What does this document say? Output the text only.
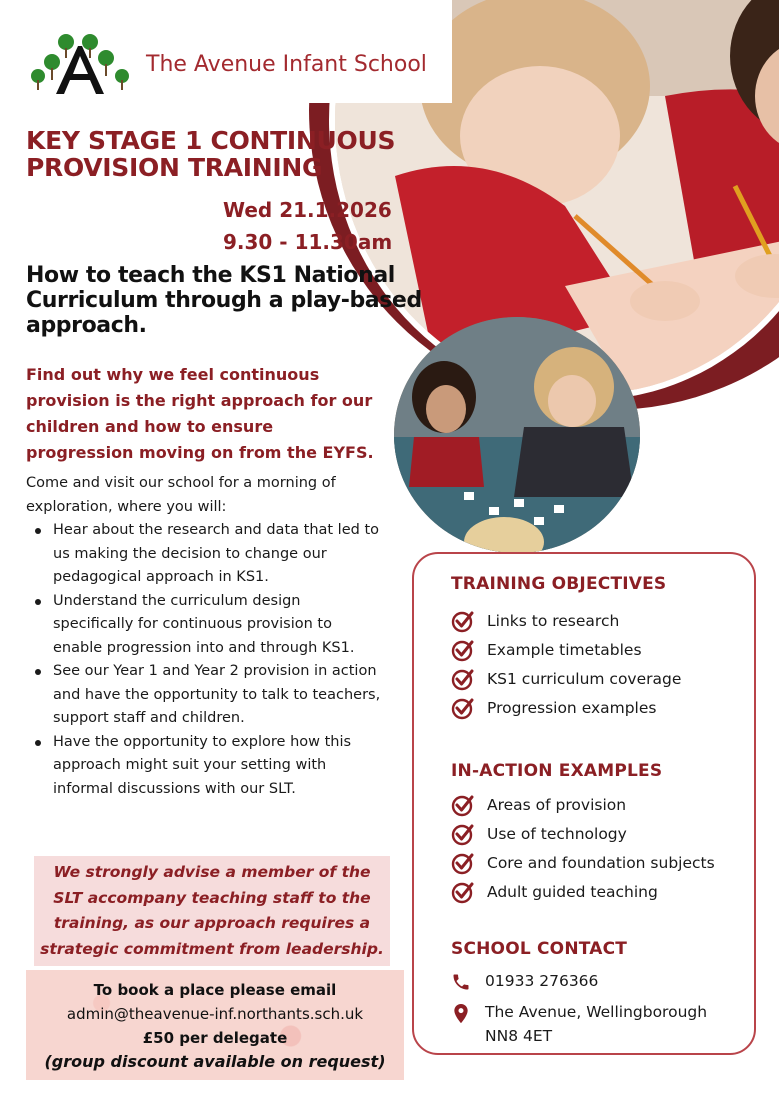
The Avenue Infant School
KEY STAGE 1 CONTINUOUS PROVISION TRAINING
Wed 21.1.2026
9.30 - 11.30am
How to teach the KS1 National Curriculum through a play-based approach.
Find out why we feel continuous provision is the right approach for our children and how to ensure progression moving on from the EYFS.

Come and visit our school for a morning of exploration, where you will:

Hear about the research and data that led to us making the decision to change our pedagogical approach in KS1.
Understand the curriculum design specifically for continuous provision to enable progression into and through KS1.
See our Year 1 and Year 2 provision in action and have the opportunity to talk to teachers, support staff and children.
Have the opportunity to explore how this approach might suit your setting with informal discussions with our SLT.

We strongly advise a member of the SLT accompany teaching staff to the training, as our approach requires a strategic commitment from leadership.

To book a place please email
admin@theavenue-inf.northants.sch.uk
£50 per delegate
(group discount available on request)
TRAINING OBJECTIVES
Links to research
Example timetables
KS1 curriculum coverage
Progression examples
IN-ACTION EXAMPLES
Areas of provision
Use of technology
Core and foundation subjects
Adult guided teaching
SCHOOL CONTACT
01933 276366
The Avenue, Wellingborough
NN8 4ET
